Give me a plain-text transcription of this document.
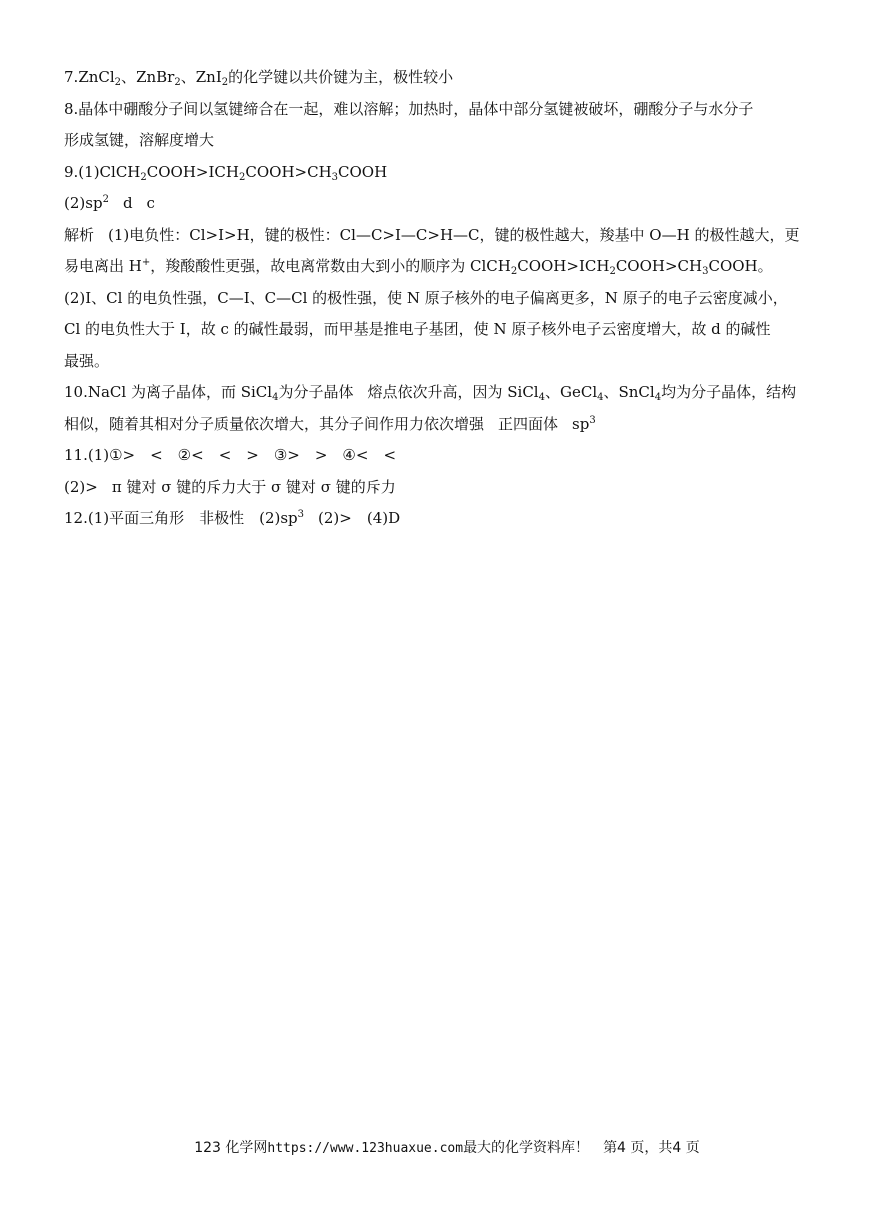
7.ZnCl$_2$、ZnBr$_2$、ZnI$_2$的化学键以共价键为主，极性较小
8.晶体中硼酸分子间以氢键缔合在一起，难以溶解；加热时，晶体中部分氢键被破坏，硼酸分子与水分子
形成氢键，溶解度增大
$9.(1)ClCH_2COOH>ICH_2COOH>CH_3COOH$
$(2)sp^2$ d c
解析 (1)电负性：Cl>I>H，键的极性：Cl—C>I—C>H—C，键的极性越大，羧基中 O—H 的极性越大，更
易电离出 H+，羧酸酸性更强，故电离常数由大到小的顺序为 $ClCH_2COOH>ICH_2COOH>CH_3COOH$。
(2)I、Cl 的电负性强，C—I、C—Cl 的极性强，使 N 原子核外的电子偏离更多，N 原子的电子云密度减小，
Cl 的电负性大于 I，故 c 的碱性最弱，而甲基是推电子基团，使 N 原子核外电子云密度增大，故 d 的碱性
最强。
10.NaCl 为离子晶体，而 SiCl$_4$为分子晶体 熔点依次升高，因为 SiCl$_4$、GeCl$_4$、SnCl$_4$均为分子晶体，结构
相似，随着其相对分子质量依次增大，其分子间作用力依次增强 正四面体 $sp^3$
11.(1)①>　<　②<　<　>　③>　>　④<　<
(2)> π 键对 σ 键的斥力大于 σ 键对 σ 键的斥力
12.(1)平面三角形　非极性　$(2)sp^3$ (2)>　(4)D
123 化学网https://www.123huaxue.com最大的化学资料库！  第4 页，共4 页
